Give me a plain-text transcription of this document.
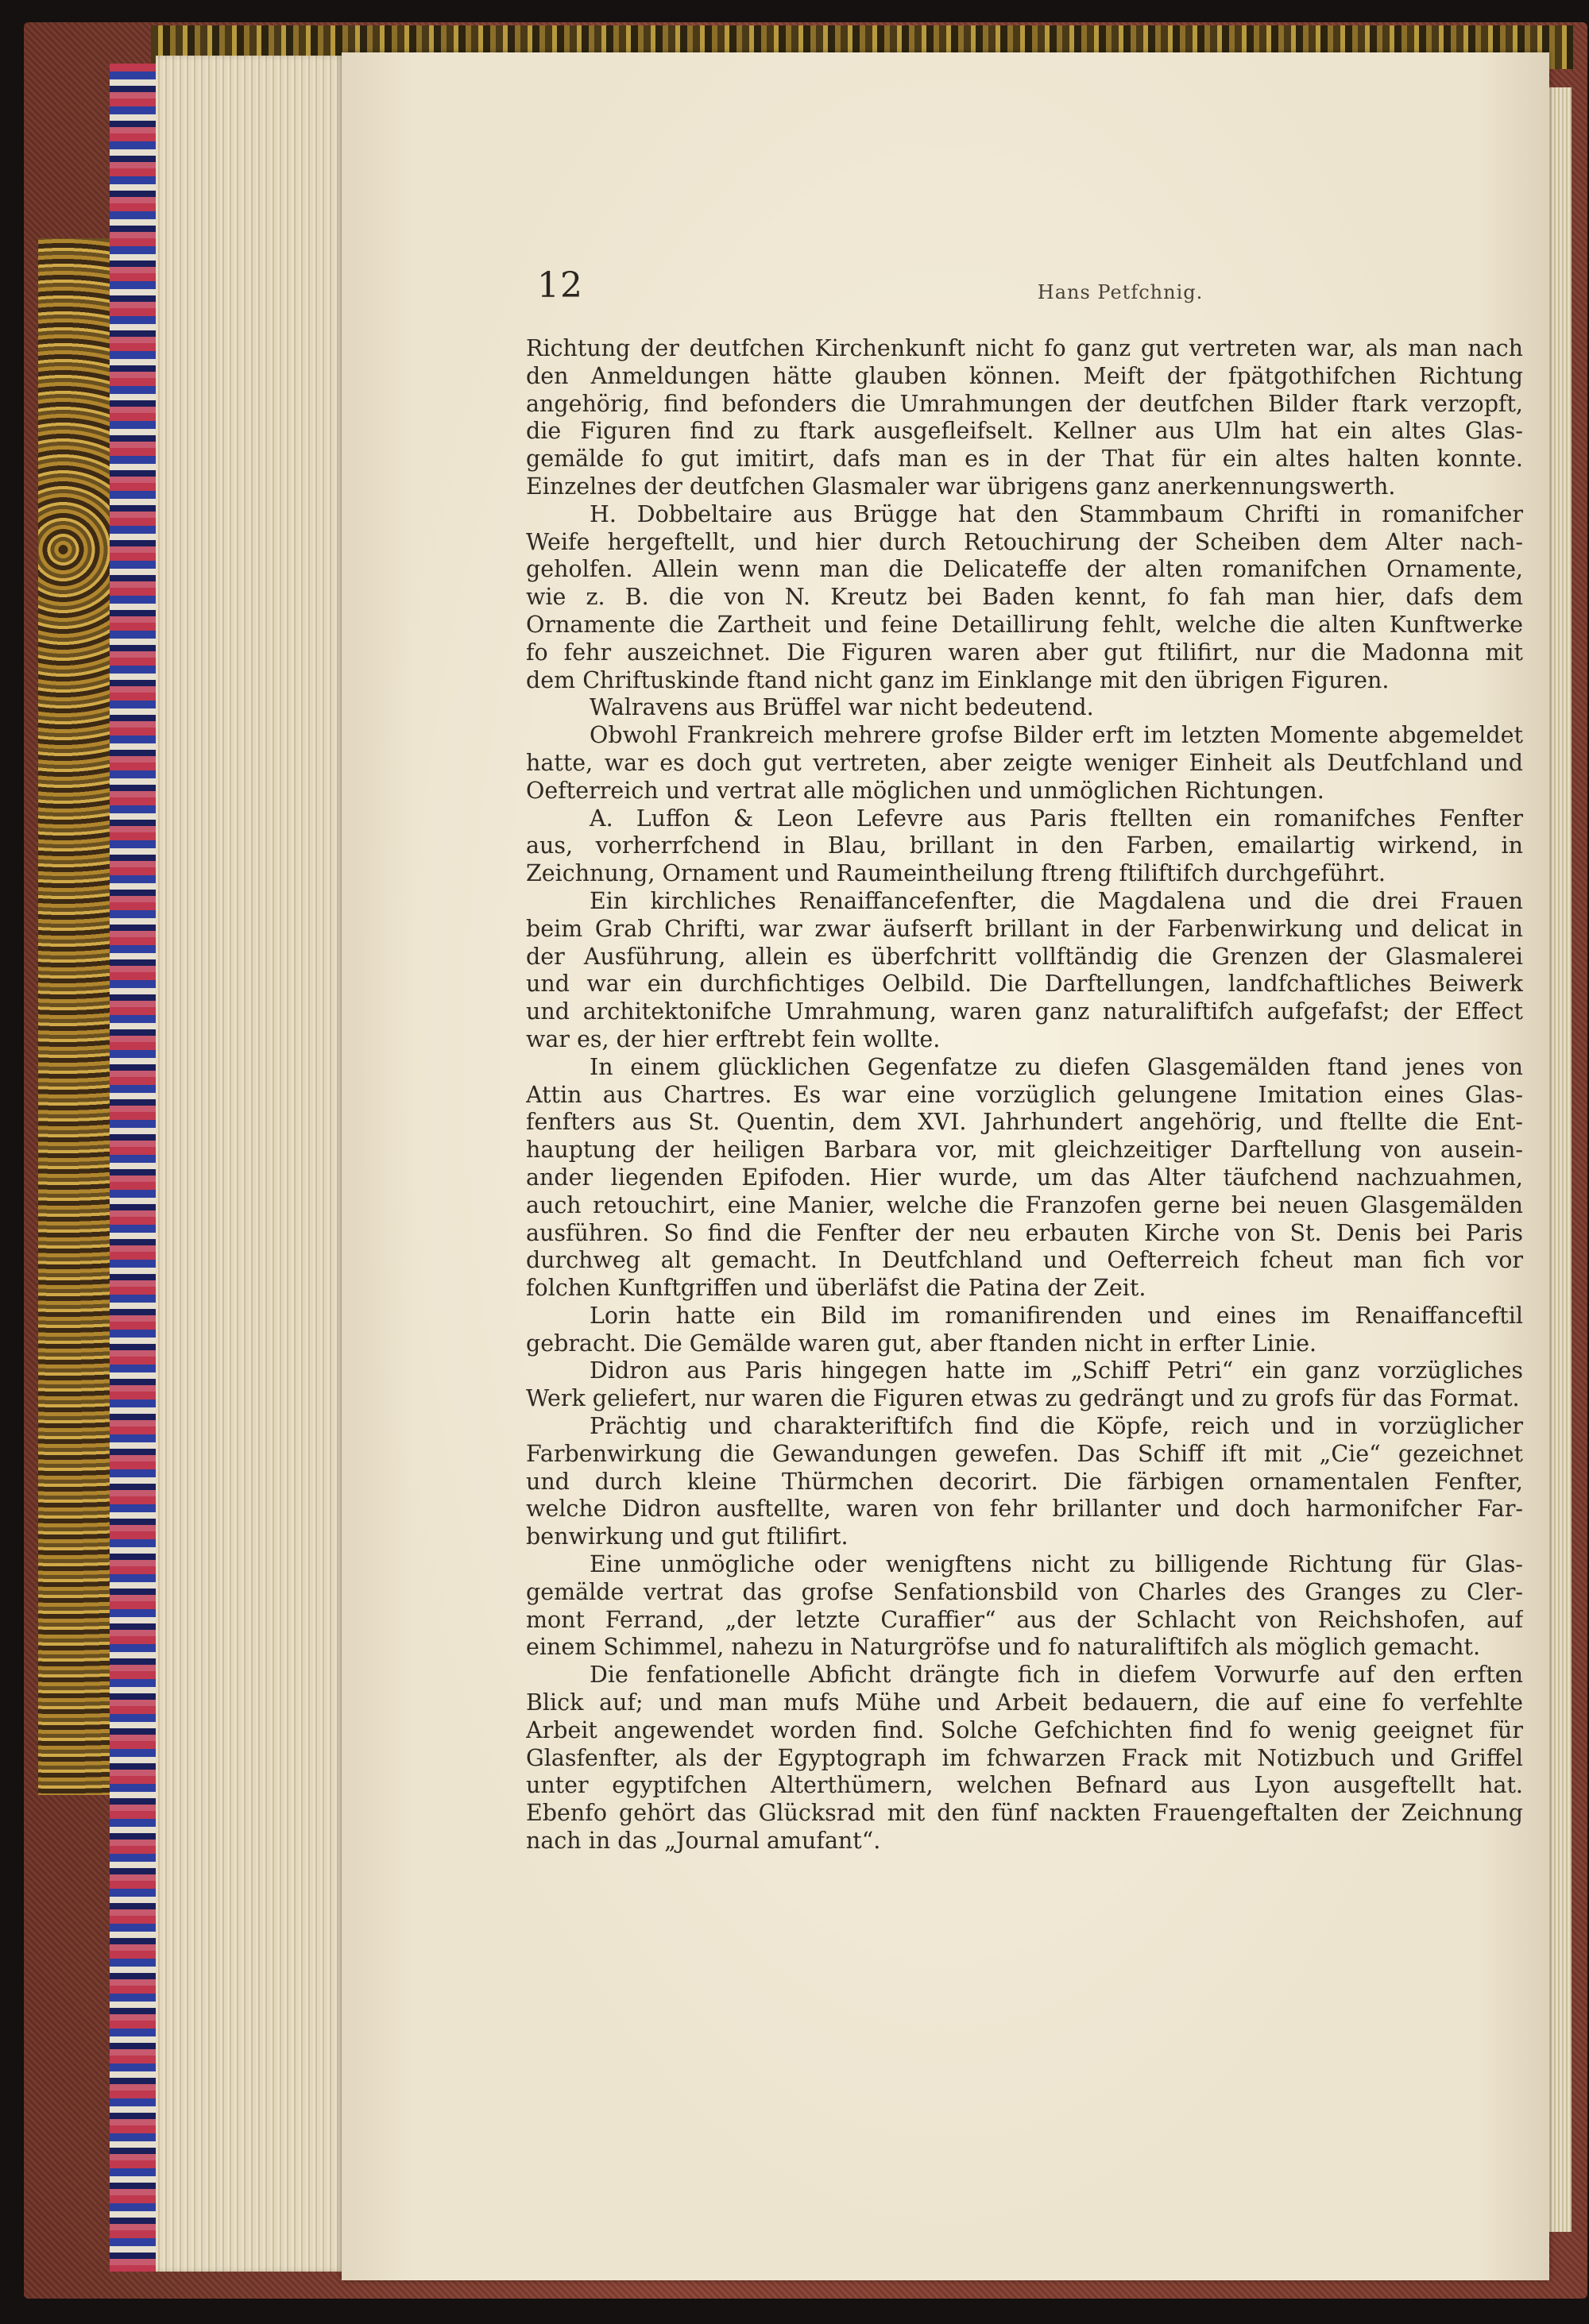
12	Hans Petfchnig.
Richtung der deutfchen Kirchenkunft nicht fo ganz gut vertreten war, als man nach
den Anmeldungen hätte glauben können. Meift der fpätgothifchen Richtung
angehörig, find befonders die Umrahmungen der deutfchen Bilder ftark verzopft,
die Figuren find zu ftark ausgefleifselt. Kellner aus Ulm hat ein altes Glas-
gemälde fo gut imitirt, dafs man es in der That für ein altes halten konnte.
Einzelnes der deutfchen Glasmaler war übrigens ganz anerkennungswerth.
H. Dobbeltaire aus Brügge hat den Stammbaum Chrifti in romanifcher
Weife hergeftellt, und hier durch Retouchirung der Scheiben dem Alter nach-
geholfen. Allein wenn man die Delicateffe der alten romanifchen Ornamente,
wie z. B. die von N. Kreutz bei Baden kennt, fo fah man hier, dafs dem
Ornamente die Zartheit und feine Detaillirung fehlt, welche die alten Kunftwerke
fo fehr auszeichnet. Die Figuren waren aber gut ftilifirt, nur die Madonna mit
dem Chriftuskinde ftand nicht ganz im Einklange mit den übrigen Figuren.
Walravens aus Brüffel war nicht bedeutend.
Obwohl Frankreich mehrere grofse Bilder erft im letzten Momente abgemeldet
hatte, war es doch gut vertreten, aber zeigte weniger Einheit als Deutfchland und
Oefterreich und vertrat alle möglichen und unmöglichen Richtungen.
A. Luffon & Leon Lefevre aus Paris ftellten ein romanifches Fenfter
aus, vorherrfchend in Blau, brillant in den Farben, emailartig wirkend, in
Zeichnung, Ornament und Raumeintheilung ftreng ftiliftifch durchgeführt.
Ein kirchliches Renaiffancefenfter, die Magdalena und die drei Frauen
beim Grab Chrifti, war zwar äufserft brillant in der Farbenwirkung und delicat in
der Ausführung, allein es überfchritt vollftändig die Grenzen der Glasmalerei
und war ein durchfichtiges Oelbild. Die Darftellungen, landfchaftliches Beiwerk
und architektonifche Umrahmung, waren ganz naturaliftifch aufgefafst; der Effect
war es, der hier erftrebt fein wollte.
In einem glücklichen Gegenfatze zu diefen Glasgemälden ftand jenes von
Attin aus Chartres. Es war eine vorzüglich gelungene Imitation eines Glas-
fenfters aus St. Quentin, dem XVI. Jahrhundert angehörig, und ftellte die Ent-
hauptung der heiligen Barbara vor, mit gleichzeitiger Darftellung von ausein-
ander liegenden Epifoden. Hier wurde, um das Alter täufchend nachzuahmen,
auch retouchirt, eine Manier, welche die Franzofen gerne bei neuen Glasgemälden
ausführen. So find die Fenfter der neu erbauten Kirche von St. Denis bei Paris
durchweg alt gemacht. In Deutfchland und Oefterreich fcheut man fich vor
folchen Kunftgriffen und überläfst die Patina der Zeit.
Lorin hatte ein Bild im romanifirenden und eines im Renaiffanceftil
gebracht. Die Gemälde waren gut, aber ftanden nicht in erfter Linie.
Didron aus Paris hingegen hatte im „Schiff Petri“ ein ganz vorzügliches
Werk geliefert, nur waren die Figuren etwas zu gedrängt und zu grofs für das Format.
Prächtig und charakteriftifch find die Köpfe, reich und in vorzüglicher
Farbenwirkung die Gewandungen gewefen. Das Schiff ift mit „Cie“ gezeichnet
und durch kleine Thürmchen decorirt. Die färbigen ornamentalen Fenfter,
welche Didron ausftellte, waren von fehr brillanter und doch harmonifcher Far-
benwirkung und gut ftilifirt.
Eine unmögliche oder wenigftens nicht zu billigende Richtung für Glas-
gemälde vertrat das grofse Senfationsbild von Charles des Granges zu Cler-
mont Ferrand, „der letzte Curaffier“ aus der Schlacht von Reichshofen, auf
einem Schimmel, nahezu in Naturgröfse und fo naturaliftifch als möglich gemacht.
Die fenfationelle Abficht drängte fich in diefem Vorwurfe auf den erften
Blick auf; und man mufs Mühe und Arbeit bedauern, die auf eine fo verfehlte
Arbeit angewendet worden find. Solche Gefchichten find fo wenig geeignet für
Glasfenfter, als der Egyptograph im fchwarzen Frack mit Notizbuch und Griffel
unter egyptifchen Alterthümern, welchen Befnard aus Lyon ausgeftellt hat.
Ebenfo gehört das Glücksrad mit den fünf nackten Frauengeftalten der Zeichnung
nach in das „Journal amufant“.
